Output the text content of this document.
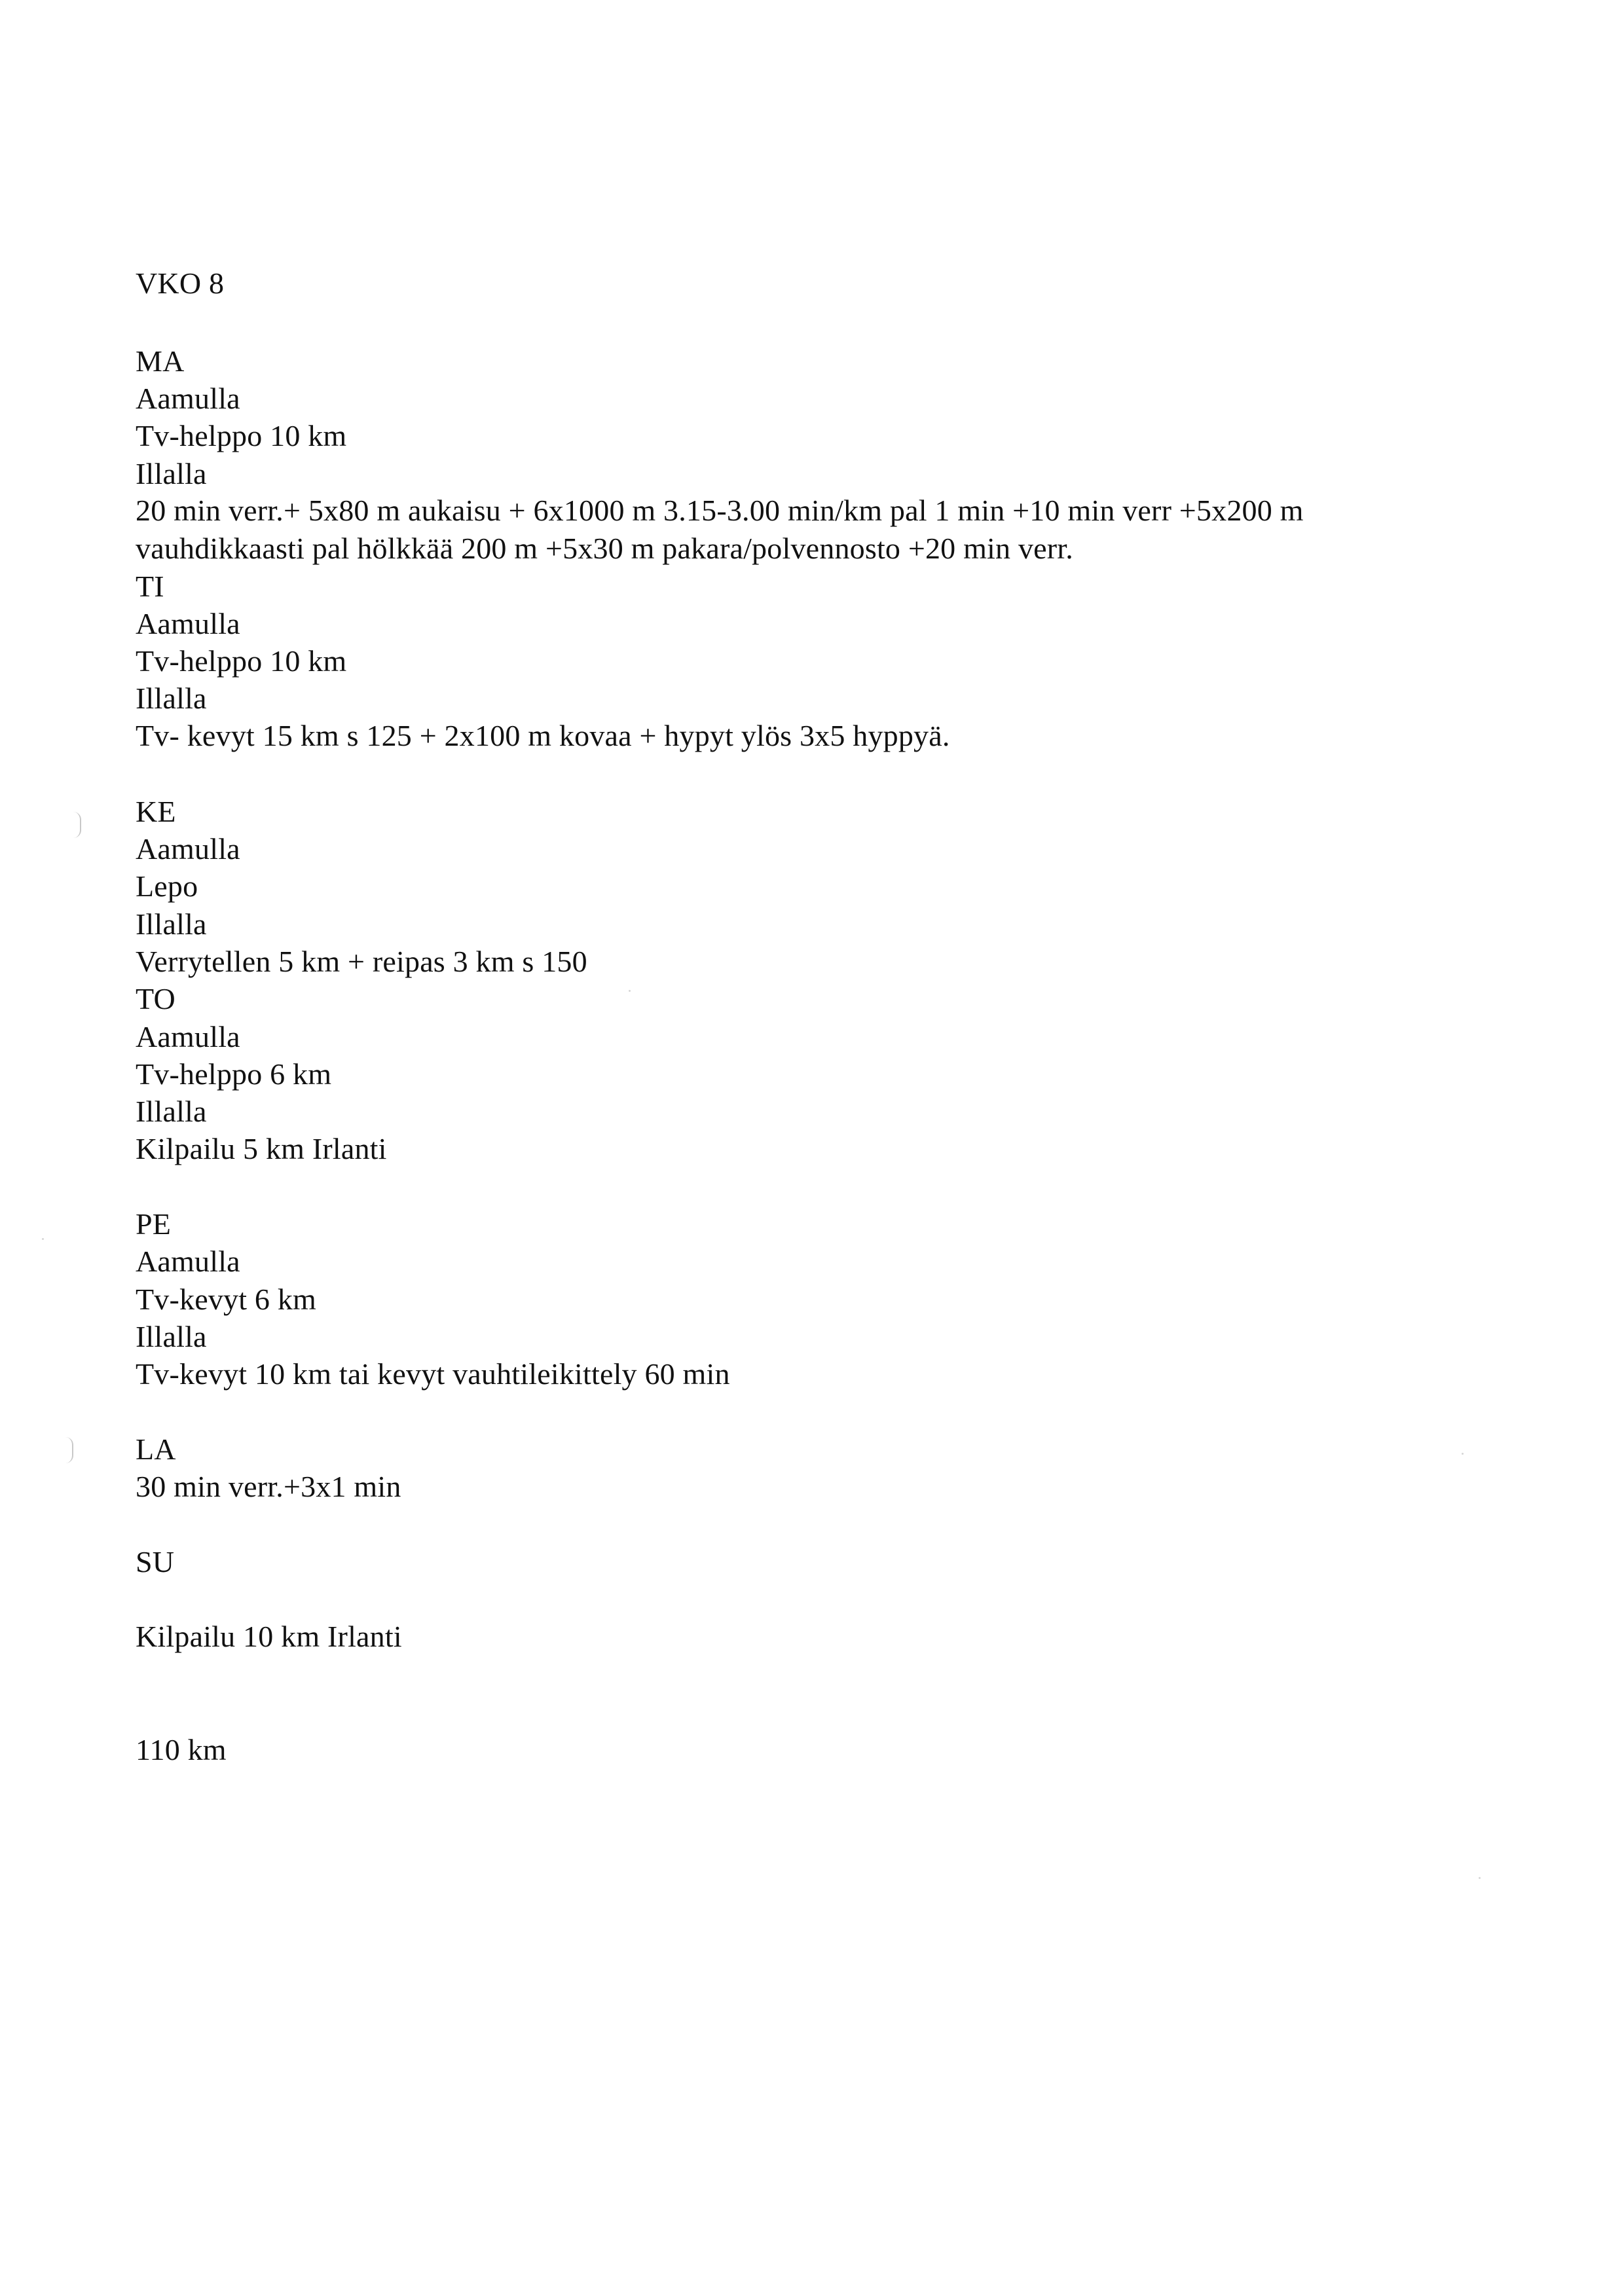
VKO 8
MA
Aamulla
Tv-helppo 10 km
Illalla
20 min verr.+ 5x80 m aukaisu + 6x1000 m 3.15-3.00 min/km pal 1 min +10 min verr +5x200 m
vauhdikkaasti pal hölkkää 200 m +5x30 m pakara/polvennosto +20 min verr.
TI
Aamulla
Tv-helppo 10 km
Illalla
Tv- kevyt 15 km s 125 + 2x100 m kovaa + hypyt ylös 3x5 hyppyä.
KE
Aamulla
Lepo
Illalla
Verrytellen 5 km + reipas 3 km s 150
TO
Aamulla
Tv-helppo 6 km
Illalla
Kilpailu 5 km Irlanti
PE
Aamulla
Tv-kevyt 6 km
Illalla
Tv-kevyt 10 km tai kevyt vauhtileikittely 60 min
LA
30 min verr.+3x1 min
SU
Kilpailu 10 km Irlanti
110 km
